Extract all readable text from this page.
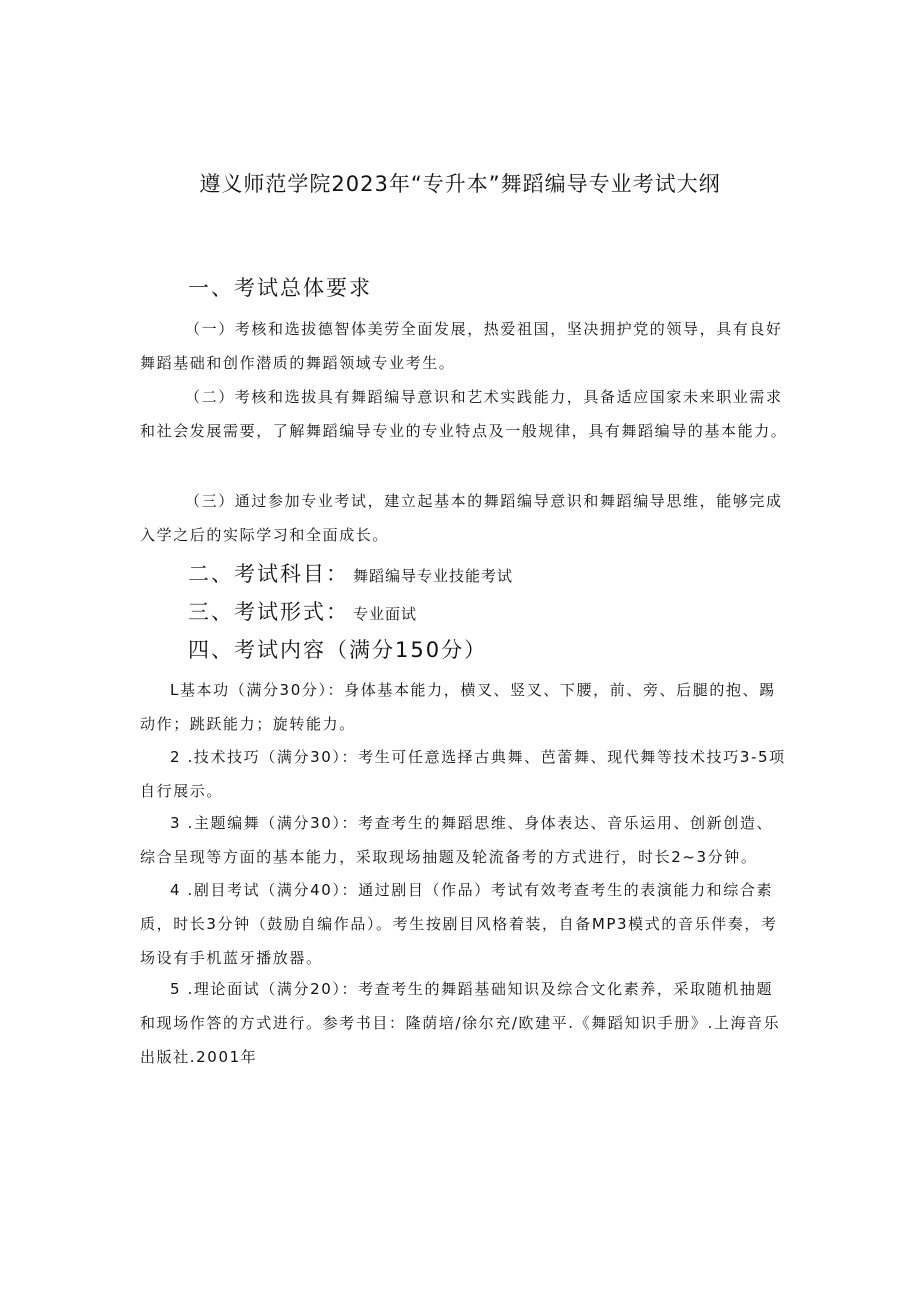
遵义师范学院2023年“专升本”舞蹈编导专业考试大纲
一、考试总体要求

（一）考核和选拔德智体美劳全面发展，热爱祖国，坚决拥护党的领导，具有良好舞蹈基础和创作潜质的舞蹈领域专业考生。

（二）考核和选拔具有舞蹈编导意识和艺术实践能力，具备适应国家未来职业需求和社会发展需要，了解舞蹈编导专业的专业特点及一般规律，具有舞蹈编导的基本能力。

（三）通过参加专业考试，建立起基本的舞蹈编导意识和舞蹈编导思维，能够完成入学之后的实际学习和全面成长。

二、考试科目： 舞蹈编导专业技能考试
三、考试形式： 专业面试
四、考试内容（满分150分）

L基本功（满分30分）：身体基本能力，横叉、竖叉、下腰，前、旁、后腿的抱、踢动作；跳跃能力；旋转能力。

2 .技术技巧（满分30）：考生可任意选择古典舞、芭蕾舞、现代舞等技术技巧3-5项自行展示。

3 .主题编舞（满分30）：考查考生的舞蹈思维、身体表达、音乐运用、创新创造、综合呈现等方面的基本能力，采取现场抽题及轮流备考的方式进行，时长2~3分钟。

4 .剧目考试（满分40）：通过剧目（作品）考试有效考查考生的表演能力和综合素质，时长3分钟（鼓励自编作品）。考生按剧目风格着装，自备MP3模式的音乐伴奏，考场设有手机蓝牙播放器。

5 .理论面试（满分20）：考查考生的舞蹈基础知识及综合文化素养，采取随机抽题和现场作答的方式进行。参考书目：隆荫培/徐尔充/欧建平.《舞蹈知识手册》.上海音乐出版社.2001年
